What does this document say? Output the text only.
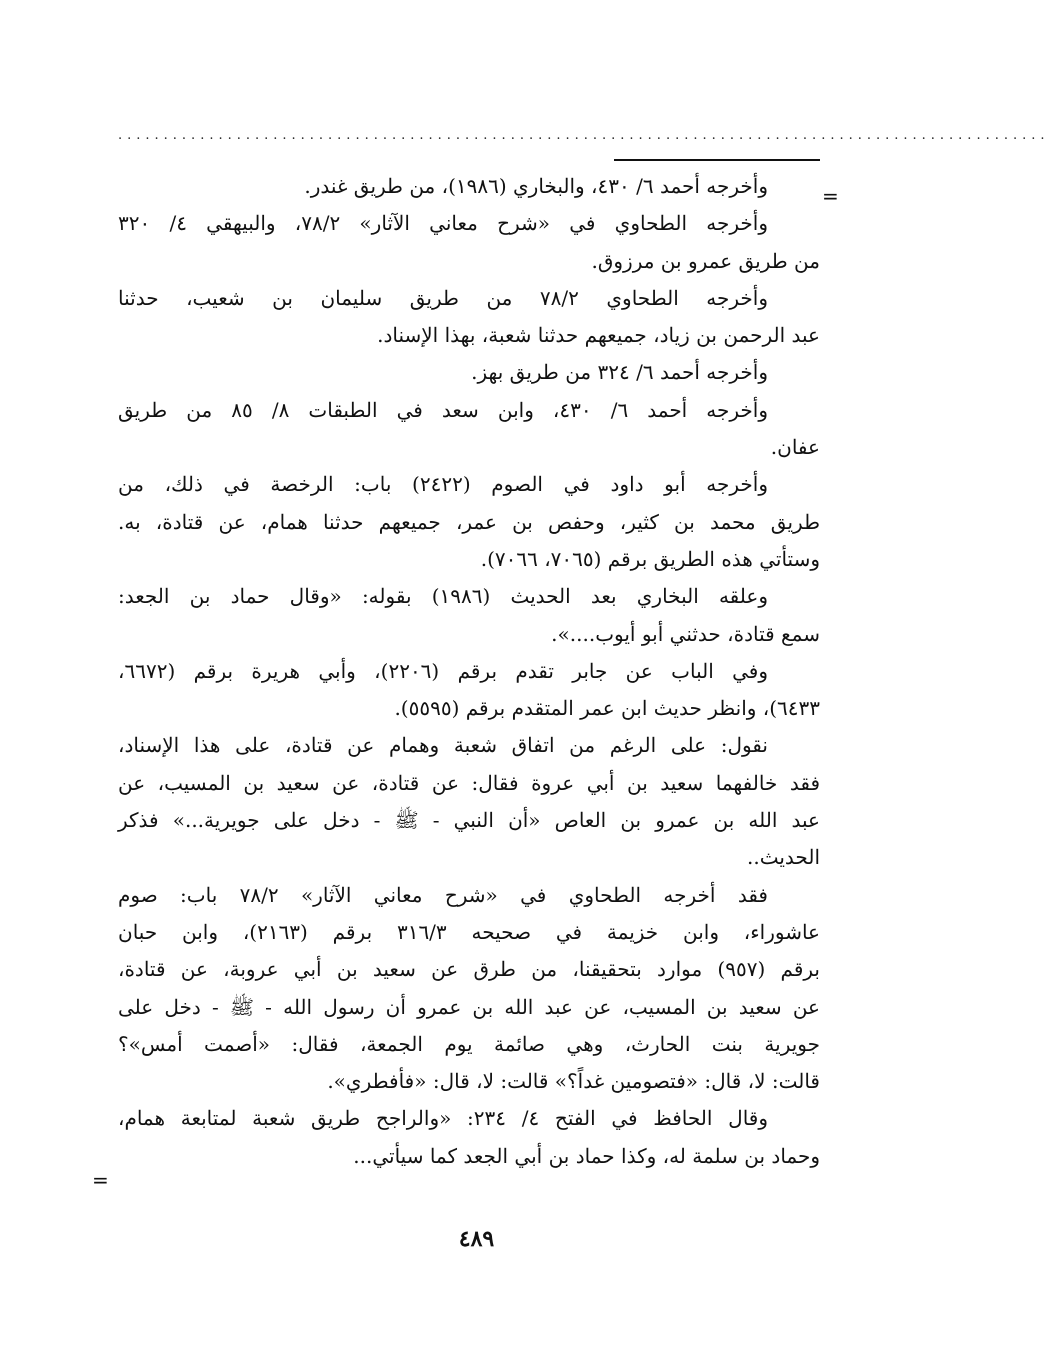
......................................................................................................
=
=
وأخرجه أحمد ٦/ ٤٣٠، والبخاري (١٩٨٦)، من طريق غندر.
وأخرجه الطحاوي في «شرح معاني الآثار» ٧٨/٢، والبيهقي ٤/ ٣٢٠
من طريق عمرو بن مرزوق.
وأخرجه الطحاوي ٧٨/٢ من طريق سليمان بن شعيب، حدثنا
عبد الرحمن بن زياد، جميعهم حدثنا شعبة، بهذا الإسناد.
وأخرجه أحمد ٦/ ٣٢٤ من طريق بهز.
وأخرجه أحمد ٦/ ٤٣٠، وابن سعد في الطبقات ٨/ ٨٥ من طريق
عفان.
وأخرجه أبو داود في الصوم (٢٤٢٢) باب: الرخصة في ذلك، من
طريق محمد بن كثير، وحفص بن عمر، جميعهم حدثنا همام، عن قتادة، به.
وستأتي هذه الطريق برقم (٧٠٦٥، ٧٠٦٦).
وعلقه البخاري بعد الحديث (١٩٨٦) بقوله: «وقال حماد بن الجعد:
سمع قتادة، حدثني أبو أيوب....».
وفي الباب عن جابر تقدم برقم (٢٢٠٦)، وأبي هريرة برقم (٦٦٧٢،
٦٤٣٣)، وانظر حديث ابن عمر المتقدم برقم (٥٥٩٥).
نقول: على الرغم من اتفاق شعبة وهمام عن قتادة، على هذا الإسناد،
فقد خالفهما سعيد بن أبي عروة فقال: عن قتادة، عن سعيد بن المسيب، عن
عبد الله بن عمرو بن العاص «أن النبي - ﷺ - دخل على جويرية...» فذكر
الحديث..
فقد أخرجه الطحاوي في «شرح معاني الآثار» ٧٨/٢ باب: صوم
عاشوراء، وابن خزيمة في صحيحه ٣١٦/٣ برقم (٢١٦٣)، وابن حبان
برقم (٩٥٧) موارد بتحقيقنا، من طرق عن سعيد بن أبي عروبة، عن قتادة،
عن سعيد بن المسيب، عن عبد الله بن عمرو أن رسول الله - ﷺ - دخل على
جويرية بنت الحارث، وهي صائمة يوم الجمعة، فقال: «أصمت أمس»؟
قالت: لا، قال: «فتصومين غداً؟» قالت: لا، قال: «فأفطري».
وقال الحافظ في الفتح ٤/ ٢٣٤: «والراجح طريق شعبة لمتابعة همام،
وحماد بن سلمة له، وكذا حماد بن أبي الجعد كما سيأتي...
٤٨٩
